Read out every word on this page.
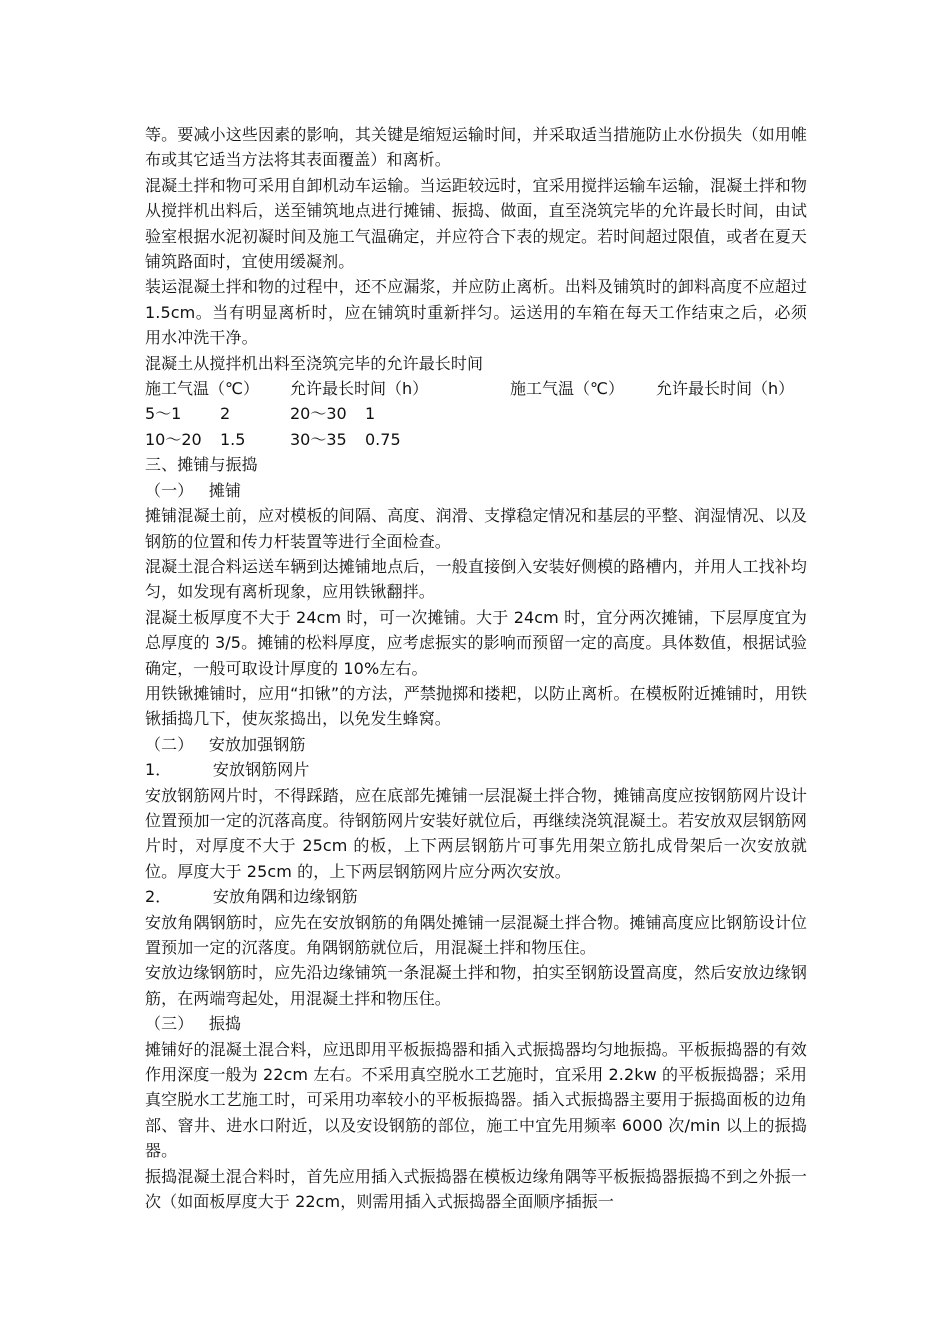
等。要减小这些因素的影响，其关键是缩短运输时间，并采取适当措施防止水份损失（如用帷布或其它适当方法将其表面覆盖）和离析。

混凝土拌和物可采用自卸机动车运输。当运距较远时，宜采用搅拌运输车运输，混凝土拌和物从搅拌机出料后，送至铺筑地点进行摊铺、振捣、做面，直至浇筑完毕的允许最长时间，由试验室根据水泥初凝时间及施工气温确定，并应符合下表的规定。若时间超过限值，或者在夏天铺筑路面时，宜使用缓凝剂。

装运混凝土拌和物的过程中，还不应漏浆，并应防止离析。出料及铺筑时的卸料高度不应超过 1.5cm。当有明显离析时，应在铺筑时重新拌匀。运送用的车箱在每天工作结束之后，必须用水冲洗干净。

混凝土从搅拌机出料至浇筑完毕的允许最长时间

施工气温（℃）	允许最长时间（h）	施工气温（℃）	允许最长时间（h）
5～1	2	20～30	1
10～20	1.5	30～35	0.75

三、摊铺与振捣

（一）   摊铺

摊铺混凝土前，应对模板的间隔、高度、润滑、支撑稳定情况和基层的平整、润湿情况、以及钢筋的位置和传力杆装置等进行全面检查。

混凝土混合料运送车辆到达摊铺地点后，一般直接倒入安装好侧模的路槽内，并用人工找补均匀，如发现有离析现象，应用铁锹翻拌。

混凝土板厚度不大于 24cm 时，可一次摊铺。大于 24cm 时，宜分两次摊铺，下层厚度宜为总厚度的 3/5。摊铺的松料厚度，应考虑振实的影响而预留一定的高度。具体数值，根据试验确定，一般可取设计厚度的 10%左右。

用铁锹摊铺时，应用“扣锹”的方法，严禁抛掷和搂耙，以防止离析。在模板附近摊铺时，用铁锹插捣几下，使灰浆捣出，以免发生蜂窝。

（二）   安放加强钢筋

1．        安放钢筋网片

安放钢筋网片时，不得踩踏，应在底部先摊铺一层混凝土拌合物，摊铺高度应按钢筋网片设计位置预加一定的沉落高度。待钢筋网片安装好就位后，再继续浇筑混凝土。若安放双层钢筋网片时，对厚度不大于 25cm 的板，上下两层钢筋片可事先用架立筋扎成骨架后一次安放就位。厚度大于 25cm 的，上下两层钢筋网片应分两次安放。

2．        安放角隅和边缘钢筋

安放角隅钢筋时，应先在安放钢筋的角隅处摊铺一层混凝土拌合物。摊铺高度应比钢筋设计位置预加一定的沉落度。角隅钢筋就位后，用混凝土拌和物压住。

安放边缘钢筋时，应先沿边缘铺筑一条混凝土拌和物，拍实至钢筋设置高度，然后安放边缘钢筋，在两端弯起处，用混凝土拌和物压住。

（三）   振捣

摊铺好的混凝土混合料，应迅即用平板振捣器和插入式振捣器均匀地振捣。平板振捣器的有效作用深度一般为 22cm 左右。不采用真空脱水工艺施时，宜采用 2.2kw 的平板振捣器；采用真空脱水工艺施工时，可采用功率较小的平板振捣器。插入式振捣器主要用于振捣面板的边角部、窨井、进水口附近，以及安设钢筋的部位，施工中宜先用频率 6000 次/min 以上的振捣器。

振捣混凝土混合料时，首先应用插入式振捣器在模板边缘角隅等平板振捣器振捣不到之外振一次（如面板厚度大于 22cm，则需用插入式振捣器全面顺序插振一
